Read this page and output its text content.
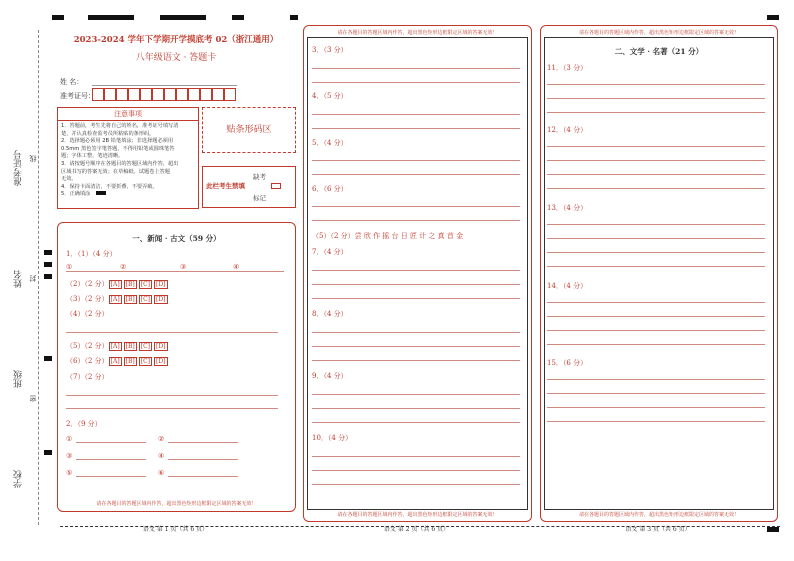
准考证号
姓名
班级
学校
线
封
密
2023-2024 学年下学期开学摸底考 02（浙江通用）
八年级语文 · 答题卡
姓 名：
准考证号：
注意事项
1．答题前，考生先将自己的姓名，准考证号填写清
楚，并认真检查监考员所粘贴的条形码。
2．选择题必须用 2B 铅笔填涂；非选择题必须用
0.5mm 黑色签字笔答题，不得用铅笔或圆珠笔答
题；字体工整、笔迹清晰。
3．请按题号顺序在各题目的答题区域内作答，超出
区域书写的答案无效；在草稿纸、试题卷上答题
无效。
4．保持卡面清洁，不要折叠、不要弄破。
5．正确填涂
贴条形码区
此栏考生禁填
缺考
标记
一、新闻 · 古文（59 分）
1．（1）（4 分）
①	②	③	④
（2）（2 分） [A] [B] [C] [D]
（3）（2 分） [A] [B] [C] [D]
（4）（2 分）
（5）（2 分） [A] [B] [C] [D]
（6）（2 分） [A] [B] [C] [D]
（7）（2 分）
2．（9 分）
①	②
③	④
⑤	⑥
请在各题目的答题区域内作答，超出黑色矩形边框限定区域的答案无效！
语文 第 1 页（共 6 页）
请在各题目的答题区域内作答，超出黑色矩形边框限定区域的答案无效！
3．（3 分）
4．（5 分）
5．（4 分）
6．（6 分）
（5）（2 分）尝 欣 作 摇 台 日 匠 计 之 真 首 金
7．（4 分）
8．（4 分）
9．（4 分）
10．（4 分）
请在各题目的答题区域内作答，超出黑色矩形边框限定区域的答案无效！
语文 第 2 页（共 6 页）
请在各题目的答题区域内作答，超出黑色矩形边框限定区域的答案无效！
二、文学 · 名著（21 分）
11．（3 分）
12．（4 分）
13．（4 分）
14．（4 分）
15．（6 分）
请在各题目的答题区域内作答，超出黑色矩形边框限定区域的答案无效！
语文 第 3 页（共 6 页）
